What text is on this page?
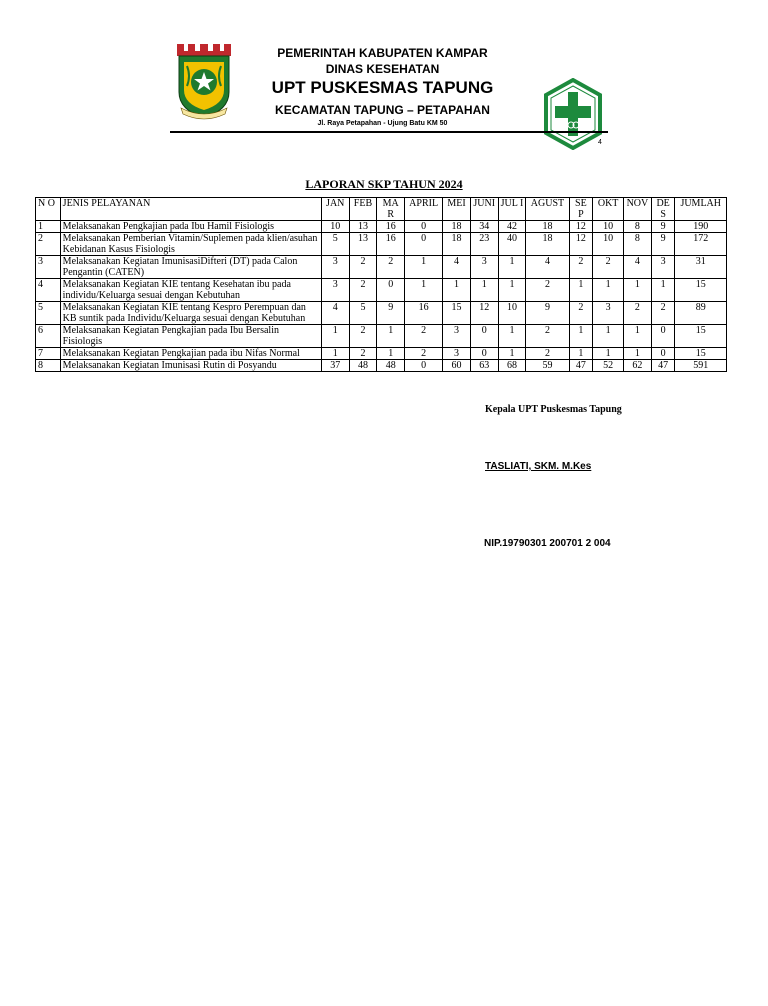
PEMERINTAH KABUPATEN KAMPAR
DINAS KESEHATAN
UPT PUSKESMAS TAPUNG
KECAMATAN TAPUNG – PETAPAHAN
Jl. Raya Petapahan - Ujung Batu KM 50
4
LAPORAN SKP TAHUN 2024
N O	JENIS PELAYANAN	JAN	FEB	MA R	APRIL	MEI	JUNI	JUL I	AGUST	SE P	OKT	NOV	DE S	JUMLAH
1	Melaksanakan Pengkajian pada Ibu Hamil Fisiologis	10	13	16	0	18	34	42	18	12	10	8	9	190
2	Melaksanakan Pemberian Vitamin/Suplemen pada klien/asuhan Kebidanan Kasus Fisiologis	5	13	16	0	18	23	40	18	12	10	8	9	172
3	Melaksanakan Kegiatan ImunisasiDifteri (DT) pada Calon Pengantin (CATEN)	3	2	2	1	4	3	1	4	2	2	4	3	31
4	Melaksanakan Kegiatan KIE tentang Kesehatan ibu pada individu/Keluarga sesuai dengan Kebutuhan	3	2	0	1	1	1	1	2	1	1	1	1	15
5	Melaksanakan Kegiatan KIE tentang Kespro Perempuan dan KB suntik pada Individu/Keluarga sesuai dengan Kebutuhan	4	5	9	16	15	12	10	9	2	3	2	2	89
6	Melaksanakan Kegiatan Pengkajian pada Ibu Bersalin Fisiologis	1	2	1	2	3	0	1	2	1	1	1	0	15
7	Melaksanakan Kegiatan Pengkajian pada ibu Nifas Normal	1	2	1	2	3	0	1	2	1	1	1	0	15
8	Melaksanakan Kegiatan Imunisasi Rutin di Posyandu	37	48	48	0	60	63	68	59	47	52	62	47	591
Kepala UPT Puskesmas Tapung
TASLIATI, SKM. M.Kes
NIP.19790301 200701 2 004
